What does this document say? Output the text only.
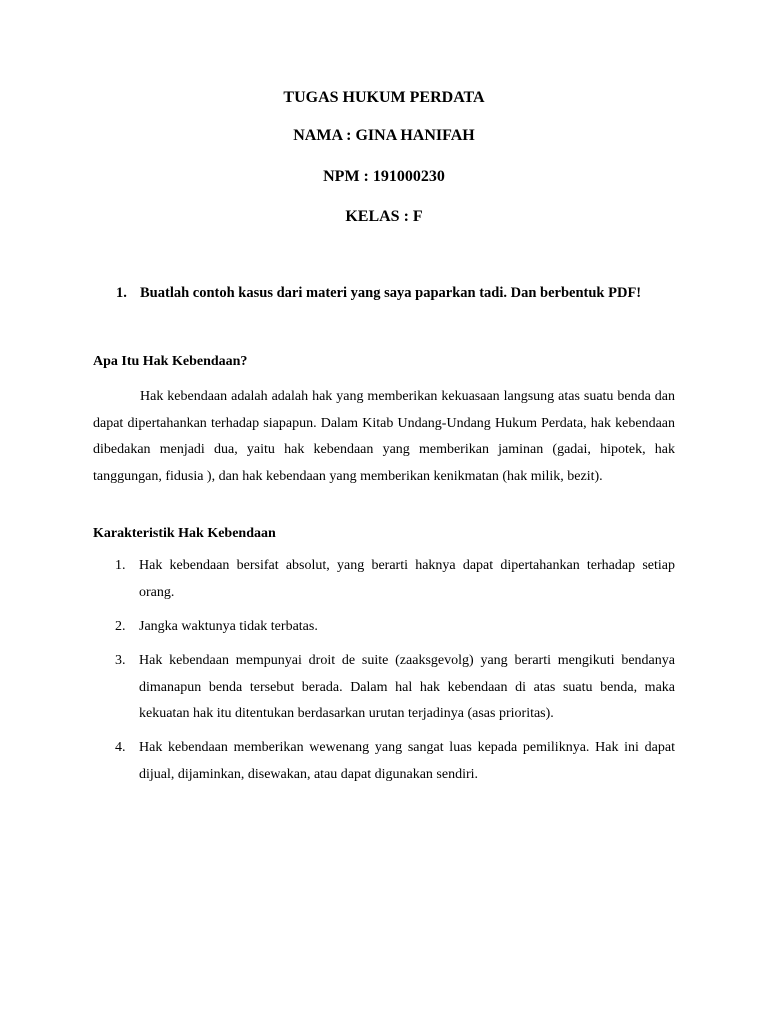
TUGAS HUKUM PERDATA
NAMA : GINA HANIFAH
NPM : 191000230
KELAS : F
1. Buatlah contoh kasus dari materi yang saya paparkan tadi. Dan berbentuk PDF!
Apa Itu Hak Kebendaan?

Hak kebendaan adalah adalah hak yang memberikan kekuasaan langsung atas suatu benda dan dapat dipertahankan terhadap siapapun. Dalam Kitab Undang-Undang Hukum Perdata, hak kebendaan dibedakan menjadi dua, yaitu hak kebendaan yang memberikan jaminan (gadai, hipotek, hak tanggungan, fidusia ), dan hak kebendaan yang memberikan kenikmatan (hak milik, bezit).

Karakteristik Hak Kebendaan
1. Hak kebendaan bersifat absolut, yang berarti haknya dapat dipertahankan terhadap setiap orang.
2. Jangka waktunya tidak terbatas.
3. Hak kebendaan mempunyai droit de suite (zaaksgevolg) yang berarti mengikuti bendanya dimanapun benda tersebut berada. Dalam hal hak kebendaan di atas suatu benda, maka kekuatan hak itu ditentukan berdasarkan urutan terjadinya (asas prioritas).
4. Hak kebendaan memberikan wewenang yang sangat luas kepada pemiliknya. Hak ini dapat dijual, dijaminkan, disewakan, atau dapat digunakan sendiri.
